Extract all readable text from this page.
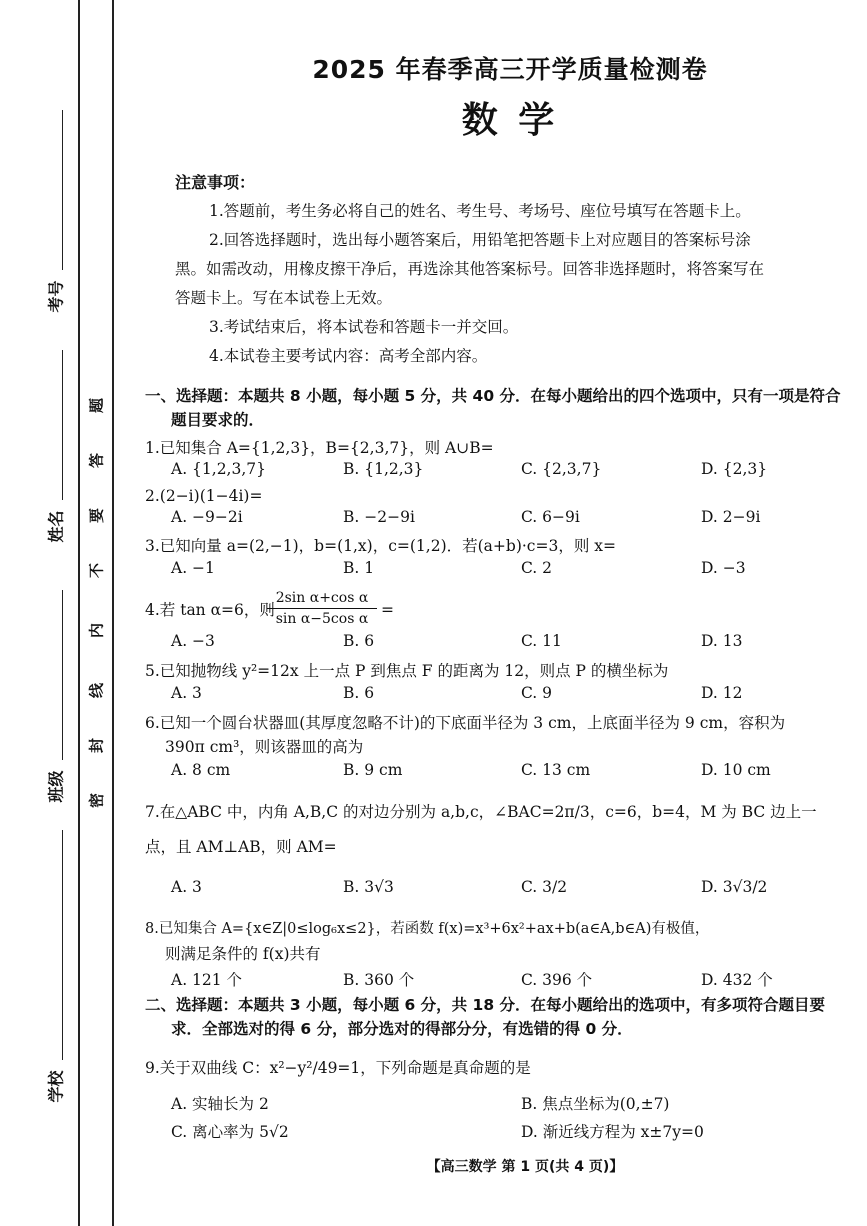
考号
姓名
班级
学校
题
答
要
不
内
线
封
密
2025 年春季高三开学质量检测卷
数 学
注意事项：
1.答题前，考生务必将自己的姓名、考生号、考场号、座位号填写在答题卡上。
2.回答选择题时，选出每小题答案后，用铅笔把答题卡上对应题目的答案标号涂
黑。如需改动，用橡皮擦干净后，再选涂其他答案标号。回答非选择题时，将答案写在
答题卡上。写在本试卷上无效。
3.考试结束后，将本试卷和答题卡一并交回。
4.本试卷主要考试内容：高考全部内容。
一、选择题：本题共 8 小题，每小题 5 分，共 40 分．在每小题给出的四个选项中，只有一项是符合
题目要求的．
1.已知集合 A={1,2,3}，B={2,3,7}，则 A∪B=
A. {1,2,3,7}	B. {1,2,3}	C. {2,3,7}	D. {2,3}
2.(2−i)(1−4i)=
A. −9−2i	B. −2−9i	C. 6−9i	D. 2−9i
3.已知向量 a=(2,−1)，b=(1,x)，c=(1,2)．若(a+b)·c=3，则 x=
A. −1	B. 1	C. 2	D. −3
4.若 tan α=6，则
$\frac{\text{2sin α+cos α}}{\text{sin α−5cos α}}$ =
A. −3	B. 6	C. 11	D. 13
5.已知抛物线 y²=12x 上一点 P 到焦点 F 的距离为 12，则点 P 的横坐标为
A. 3	B. 6	C. 9	D. 12
6.已知一个圆台状器皿(其厚度忽略不计)的下底面半径为 3 cm，上底面半径为 9 cm，容积为
390π cm³，则该器皿的高为
A. 8 cm	B. 9 cm	C. 13 cm	D. 10 cm
7.在△ABC 中，内角 A,B,C 的对边分别为 a,b,c，∠BAC=2π/3，c=6，b=4，M 为 BC 边上一
点，且 AM⊥AB，则 AM=
A. 3	B. 3√3	C. 3/2	D. 3√3/2
8.已知集合 A={x∈Z|0≤log₆x≤2}，若函数 f(x)=x³+6x²+ax+b(a∈A,b∈A)有极值，
则满足条件的 f(x)共有
A. 121 个	B. 360 个	C. 396 个	D. 432 个
二、选择题：本题共 3 小题，每小题 6 分，共 18 分．在每小题给出的选项中，有多项符合题目要
求．全部选对的得 6 分，部分选对的得部分分，有选错的得 0 分．
9.关于双曲线 C：x²−y²/49=1，下列命题是真命题的是
A. 实轴长为 2	B. 焦点坐标为(0,±7)
C. 离心率为 5√2	D. 渐近线方程为 x±7y=0
【高三数学 第 1 页(共 4 页)】
